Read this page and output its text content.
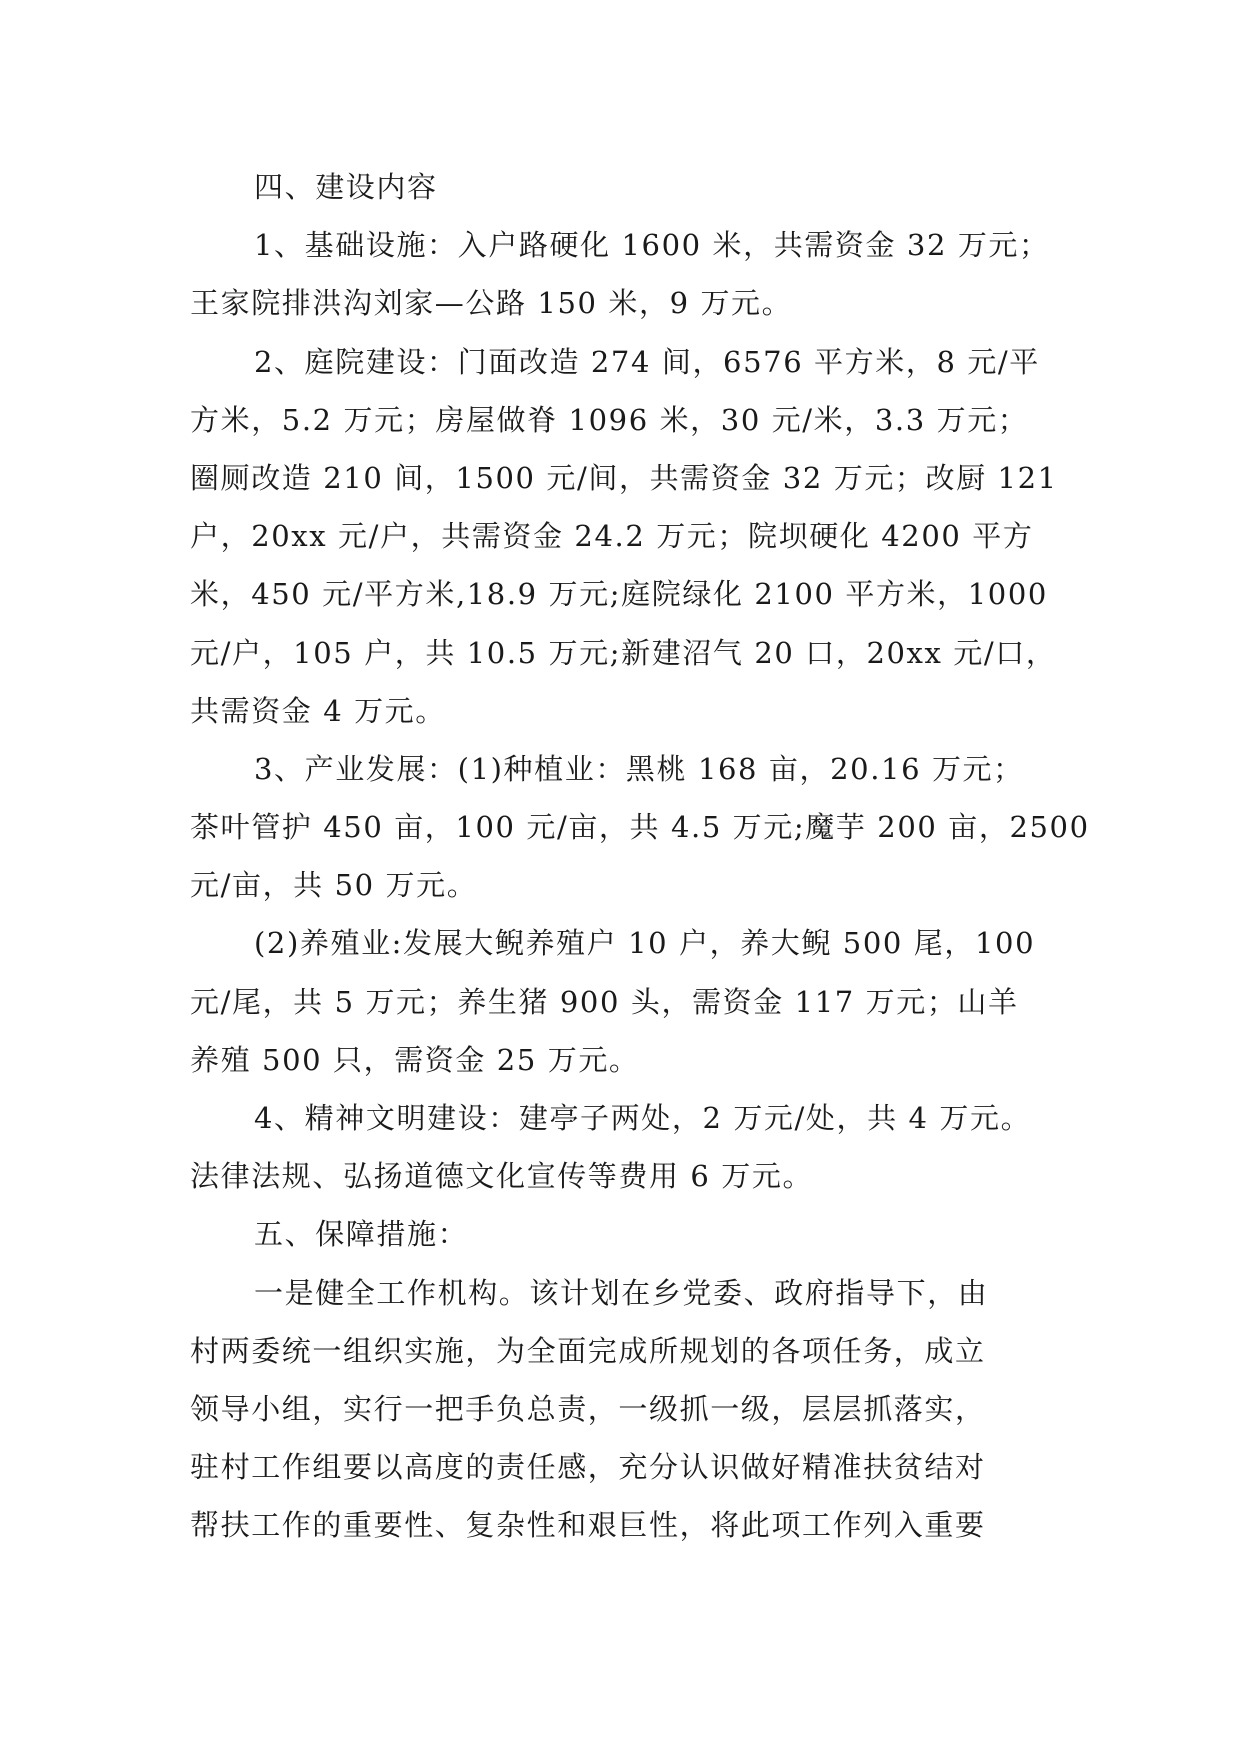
四、建设内容
1、基础设施：入户路硬化 1600 米，共需资金 32 万元；
王家院排洪沟刘家—公路 150 米，9 万元。
2、庭院建设：门面改造 274 间，6576 平方米，8 元/平
方米，5.2 万元；房屋做脊 1096 米，30 元/米，3.3 万元；
圈厕改造 210 间，1500 元/间，共需资金 32 万元；改厨 121
户，20xx 元/户，共需资金 24.2 万元；院坝硬化 4200 平方
米，450 元/平方米,18.9 万元;庭院绿化 2100 平方米，1000
元/户，105 户，共 10.5 万元;新建沼气 20 口，20xx 元/口，
共需资金 4 万元。
3、产业发展：(1)种植业：黑桃 168 亩，20.16 万元；
茶叶管护 450 亩，100 元/亩，共 4.5 万元;魔芋 200 亩，2500
元/亩，共 50 万元。
(2)养殖业:发展大鲵养殖户 10 户，养大鲵 500 尾，100
元/尾，共 5 万元；养生猪 900 头，需资金 117 万元；山羊
养殖 500 只，需资金 25 万元。
4、精神文明建设：建亭子两处，2 万元/处，共 4 万元。
法律法规、弘扬道德文化宣传等费用 6 万元。
五、保障措施：
一是健全工作机构。该计划在乡党委、政府指导下，由
村两委统一组织实施，为全面完成所规划的各项任务，成立
领导小组，实行一把手负总责，一级抓一级，层层抓落实，
驻村工作组要以高度的责任感，充分认识做好精准扶贫结对
帮扶工作的重要性、复杂性和艰巨性，将此项工作列入重要
